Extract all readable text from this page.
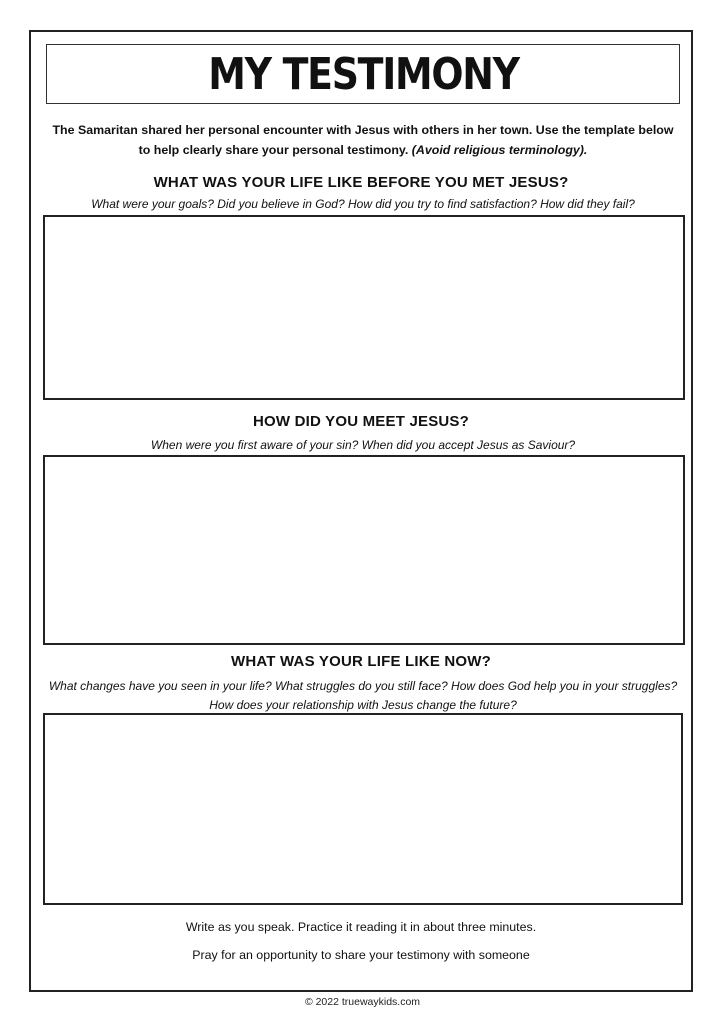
MY TESTIMONY
The Samaritan shared her personal encounter with Jesus with others in her town. Use the template below to help clearly share your personal testimony. (Avoid religious terminology).
WHAT WAS YOUR LIFE LIKE BEFORE YOU MET JESUS?
What were your goals? Did you believe in God? How did you try to find satisfaction? How did they fail?
HOW DID YOU MEET JESUS?
When were you first aware of your sin? When did you accept Jesus as Saviour?
WHAT WAS YOUR LIFE LIKE NOW?
What changes have you seen in your life? What struggles do you still face? How does God help you in your struggles? How does your relationship with Jesus change the future?
Write as you speak. Practice it reading it in about three minutes.
Pray for an opportunity to share your testimony with someone
© 2022 truewaykids.com
